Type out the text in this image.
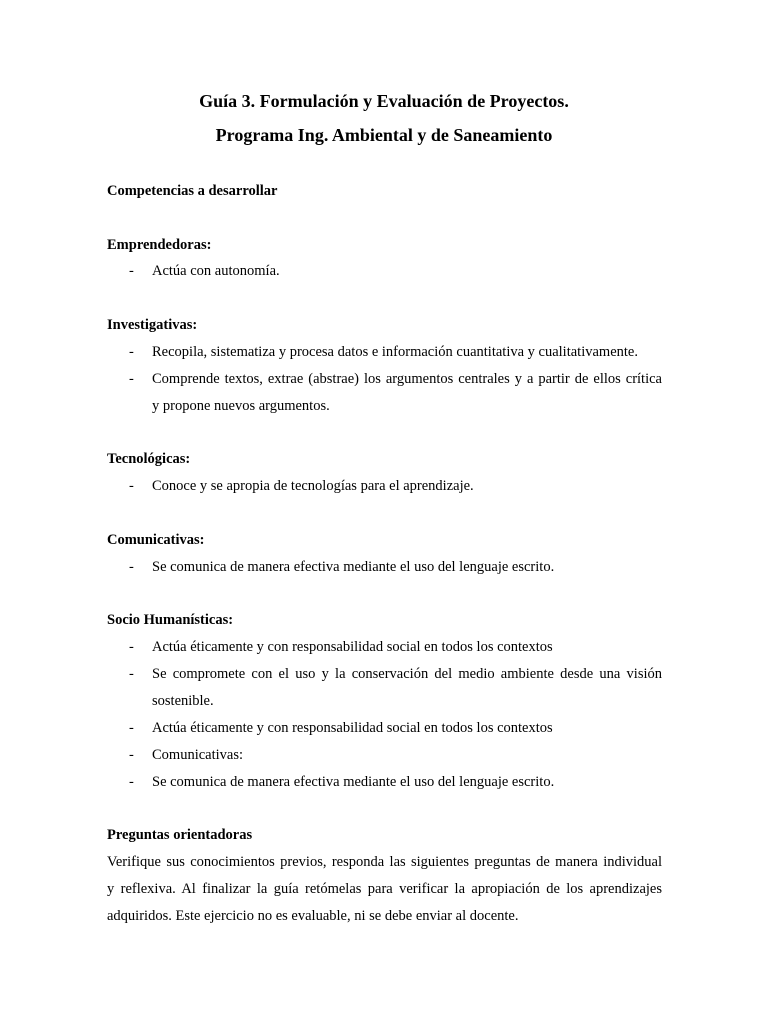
Guía 3. Formulación y Evaluación de Proyectos.
Programa Ing. Ambiental y de Saneamiento
Competencias a desarrollar
Emprendedoras:
- Actúa con autonomía.
Investigativas:
- Recopila, sistematiza y procesa datos e información cuantitativa y cualitativamente.
- Comprende textos, extrae (abstrae) los argumentos centrales y a partir de ellos crítica
y propone nuevos argumentos.
Tecnológicas:
- Conoce y se apropia de tecnologías para el aprendizaje.
Comunicativas:
- Se comunica de manera efectiva mediante el uso del lenguaje escrito.
Socio Humanísticas:
- Actúa éticamente y con responsabilidad social en todos los contextos
- Se compromete con el uso y la conservación del medio ambiente desde una visión
sostenible.
- Actúa éticamente y con responsabilidad social en todos los contextos
- Comunicativas:
- Se comunica de manera efectiva mediante el uso del lenguaje escrito.
Preguntas orientadoras
Verifique sus conocimientos previos, responda las siguientes preguntas de manera individual
y reflexiva. Al finalizar la guía retómelas para verificar la apropiación de los aprendizajes
adquiridos. Este ejercicio no es evaluable, ni se debe enviar al docente.
